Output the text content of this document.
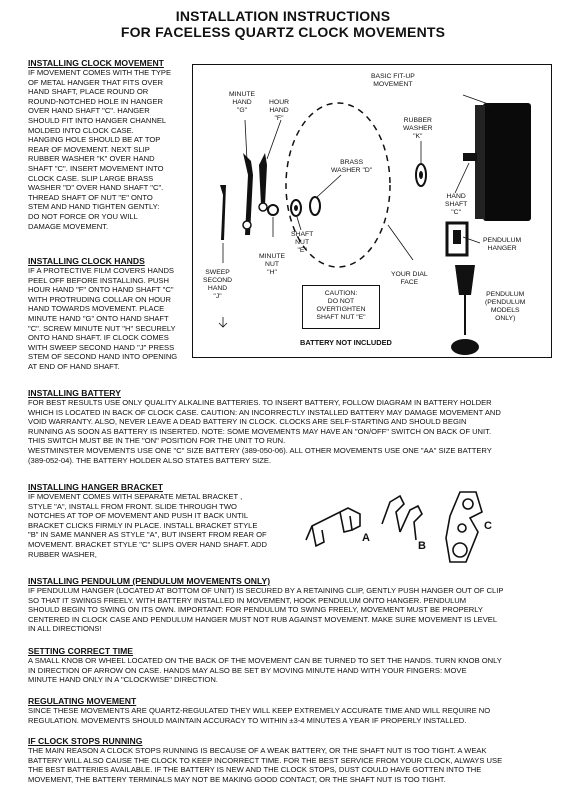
INSTALLATION INSTRUCTIONS
FOR FACELESS QUARTZ CLOCK MOVEMENTS
INSTALLING CLOCK MOVEMENT
IF MOVEMENT COMES WITH THE TYPE
OF METAL HANGER THAT FITS OVER
HAND SHAFT, PLACE ROUND OR
ROUND-NOTCHED HOLE IN HANGER
OVER HAND SHAFT "C". HANGER
SHOULD FIT INTO HANGER CHANNEL
MOLDED INTO CLOCK CASE.
HANGING HOLE SHOULD BE AT TOP
REAR OF MOVEMENT. NEXT SLIP
RUBBER WASHER "K" OVER HAND
SHAFT "C". INSERT MOVEMENT INTO
CLOCK CASE. SLIP LARGE BRASS
WASHER "D" OVER HAND SHAFT "C".
THREAD SHAFT OF NUT "E" ONTO
STEM AND HAND TIGHTEN GENTLY:
DO NOT FORCE OR YOU WILL
DAMAGE MOVEMENT.
INSTALLING CLOCK HANDS
IF A PROTECTIVE FILM COVERS HANDS
PEEL OFF BEFORE INSTALLING. PUSH
HOUR HAND "F" ONTO HAND SHAFT "C"
WITH PROTRUDING COLLAR ON HOUR
HAND TOWARDS MOVEMENT. PLACE
MINUTE HAND "G" ONTO HAND SHAFT
"C". SCREW MINUTE NUT "H" SECURELY
ONTO HAND SHAFT. IF CLOCK COMES
WITH SWEEP SECOND HAND "J" PRESS
STEM OF SECOND HAND INTO OPENING
AT END OF HAND SHAFT.
BASIC FIT-UP
MOVEMENT
MINUTE
HAND
"G"
HOUR
HAND
"F"	RUBBER
WASHER
"K"
BRASS
WASHER "D"
HAND
SHAFT
"C"
PENDULUM
HANGER
SHAFT
NUT
"E"
MINUTE
NUT
"H"
SWEEP
SECOND
HAND
"J"
YOUR DIAL
FACE
PENDULUM
(PENDULUM
MODELS
ONLY)
CAUTION:
DO NOT
OVERTIGHTEN
SHAFT NUT "E"
BATTERY NOT INCLUDED
INSTALLING BATTERY
FOR BEST RESULTS USE ONLY QUALITY ALKALINE BATTERIES. TO INSERT BATTERY, FOLLOW DIAGRAM IN BATTERY HOLDER
WHICH IS LOCATED IN BACK OF CLOCK CASE. CAUTION: AN INCORRECTLY INSTALLED BATTERY MAY DAMAGE MOVEMENT AND
VOID WARRANTY. ALSO, NEVER LEAVE A DEAD BATTERY IN CLOCK. CLOCKS ARE SELF-STARTING AND SHOULD BEGIN
RUNNING AS SOON AS BATTERY IS INSERTED. NOTE: SOME MOVEMENTS MAY HAVE AN "ON/OFF" SWITCH ON BACK OF UNIT.
THIS SWITCH MUST BE IN THE "ON" POSITION FOR THE UNIT TO RUN.
WESTMINSTER MOVEMENTS USE ONE "C" SIZE BATTERY (389-050-06). ALL OTHER MOVEMENTS USE ONE "AA" SIZE BATTERY
(389-052-04). THE BATTERY HOLDER ALSO STATES BATTERY SIZE.
INSTALLING HANGER BRACKET
IF MOVEMENT COMES WITH SEPARATE METAL BRACKET ,
STYLE "A", INSTALL FROM FRONT. SLIDE THROUGH TWO
NOTCHES AT TOP OF MOVEMENT AND PUSH IT BACK UNTIL
BRACKET CLICKS FIRMLY IN PLACE. INSTALL BRACKET STYLE
"B" IN SAME MANNER AS STYLE "A", BUT INSERT FROM REAR OF
MOVEMENT. BRACKET STYLE "C" SLIPS OVER HAND SHAFT. ADD
RUBBER WASHER,
A
B
C
INSTALLING PENDULUM (PENDULUM MOVEMENTS ONLY)
IF PENDULUM HANGER (LOCATED AT BOTTOM OF UNIT) IS SECURED BY A RETAINING CLIP, GENTLY PUSH HANGER OUT OF CLIP
SO THAT IT SWINGS FREELY. WITH BATTERY INSTALLED IN MOVEMENT, HOOK PENDULUM ONTO HANGER. PENDULUM
SHOULD BEGIN TO SWING ON ITS OWN. IMPORTANT: FOR PENDULUM TO SWING FREELY, MOVEMENT MUST BE PROPERLY
CENTERED IN CLOCK CASE AND PENDULUM HANGER MUST NOT RUB AGAINST MOVEMENT. MAKE SURE MOVEMENT IS LEVEL
IN ALL DIRECTIONS!
SETTING CORRECT TIME
A SMALL KNOB OR WHEEL LOCATED ON THE BACK OF THE MOVEMENT CAN BE TURNED TO SET THE HANDS. TURN KNOB ONLY
IN DIRECTION OF ARROW ON CASE. HANDS MAY ALSO BE SET BY MOVING MINUTE HAND WITH YOUR FINGERS: MOVE
MINUTE HAND ONLY IN A "CLOCKWISE" DIRECTION.
REGULATING MOVEMENT
SINCE THESE MOVEMENTS ARE QUARTZ-REGULATED THEY WILL KEEP EXTREMELY ACCURATE TIME AND WILL REQUIRE NO
REGULATION. MOVEMENTS SHOULD MAINTAIN ACCURACY TO WITHIN ±3-4 MINUTES A YEAR IF PROPERLY INSTALLED.
IF CLOCK STOPS RUNNING
THE MAIN REASON A CLOCK STOPS RUNNING IS BECAUSE OF A WEAK BATTERY, OR THE SHAFT NUT IS TOO TIGHT. A WEAK
BATTERY WILL ALSO CAUSE THE CLOCK TO KEEP INCORRECT TIME. FOR THE BEST SERVICE FROM YOUR CLOCK, ALWAYS USE
THE BEST BATTERIES AVAILABLE. IF THE BATTERY IS NEW AND THE CLOCK STOPS, DUST COULD HAVE GOTTEN INTO THE
MOVEMENT, THE BATTERY TERMINALS MAY NOT BE MAKING GOOD CONTACT, OR THE SHAFT NUT IS TOO TIGHT.
